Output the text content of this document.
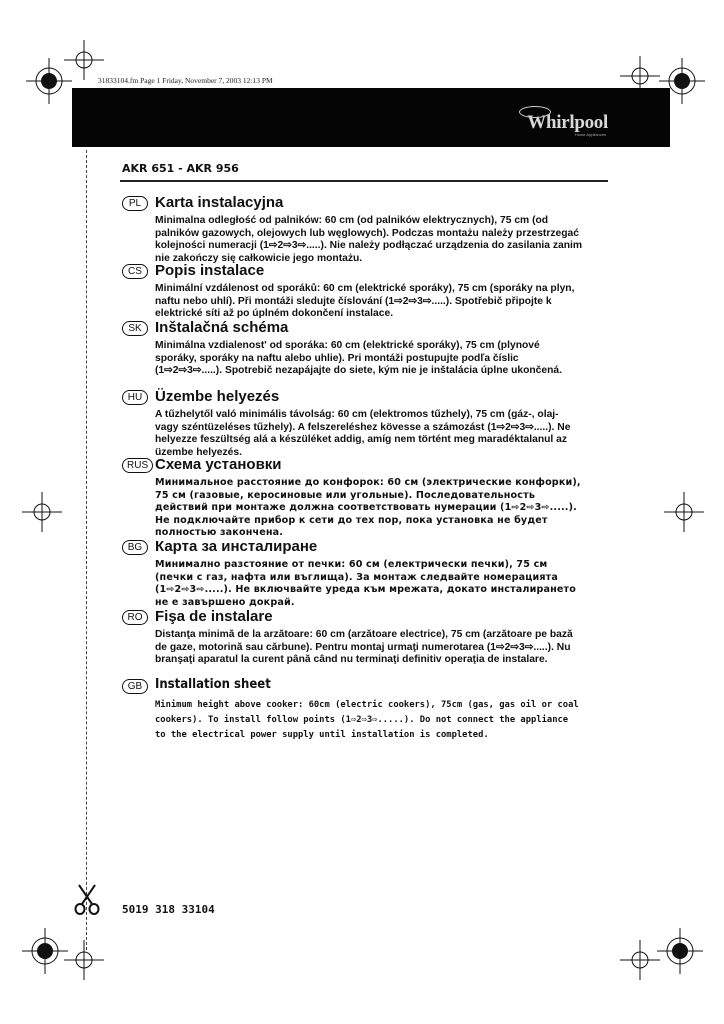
31833104.fm Page 1 Friday, November 7, 2003 12:13 PM
Whirlpool
Home Appliances
AKR 651 - AKR 956
PL Karta instalacyjna
Minimalna odległość od palników: 60 cm (od palników elektrycznych), 75 cm (od palników gazowych, olejowych lub węglowych). Podczas montażu należy przestrzegać kolejności numeracji (1⇨2⇨3⇨.....). Nie należy podłączać urządzenia do zasilania zanim nie zakończy się całkowicie jego montażu.
CS Popis instalace
Minimální vzdálenost od sporáků: 60 cm (elektrické sporáky), 75 cm (sporáky na plyn, naftu nebo uhlí). Při montáži sledujte číslování (1⇨2⇨3⇨.....). Spotřebič připojte k elektrické síti až po úplném dokončení instalace.
SK Inštalačná schéma
Minimálna vzdialenost' od sporáka: 60 cm (elektrické sporáky), 75 cm (plynové sporáky, sporáky na naftu alebo uhlie). Pri montáži postupujte podľa číslic (1⇨2⇨3⇨.....). Spotrebič nezapájajte do siete, kým nie je inštalácia úplne ukončená.
HU Üzembe helyezés
A tűzhelytől való minimális távolság: 60 cm (elektromos tűzhely), 75 cm (gáz-, olaj- vagy széntüzeléses tűzhely). A felszereléshez kövesse a számozást (1⇨2⇨3⇨.....). Ne helyezze feszültség alá a készüléket addig, amíg nem történt meg maradéktalanul az üzembe helyezés.
RUS Схема установки
Минимальное расстояние до конфорок: 60 см (электрические конфорки), 75 см (газовые, керосиновые или угольные). Последовательность действий при монтаже должна соответствовать нумерации (1⇨2⇨3⇨.....). Не подключайте прибор к сети до тех пор, пока установка не будет полностью закончена.
BG Карта за инсталиране
Минимално разстояние от печки: 60 см (електрически печки), 75 см (печки с газ, нафта или въглища). За монтаж следвайте номерацията (1⇨2⇨3⇨.....). Не включвайте уреда към мрежата, докато инсталирането не е завършено докрай.
RO Fişa de instalare
Distanţa minimă de la arzătoare: 60 cm (arzătoare electrice), 75 cm (arzătoare pe bază de gaze, motorină sau cărbune). Pentru montaj urmaţi numerotarea (1⇨2⇨3⇨.....). Nu branşaţi aparatul la curent până când nu terminaţi definitiv operaţia de instalare.
GB Installation sheet
Minimum height above cooker: 60cm (electric cookers), 75cm (gas, gas oil or coal cookers). To install follow points (1⇨2⇨3⇨.....). Do not connect the appliance to the electrical power supply until installation is completed.
5019 318 33104
